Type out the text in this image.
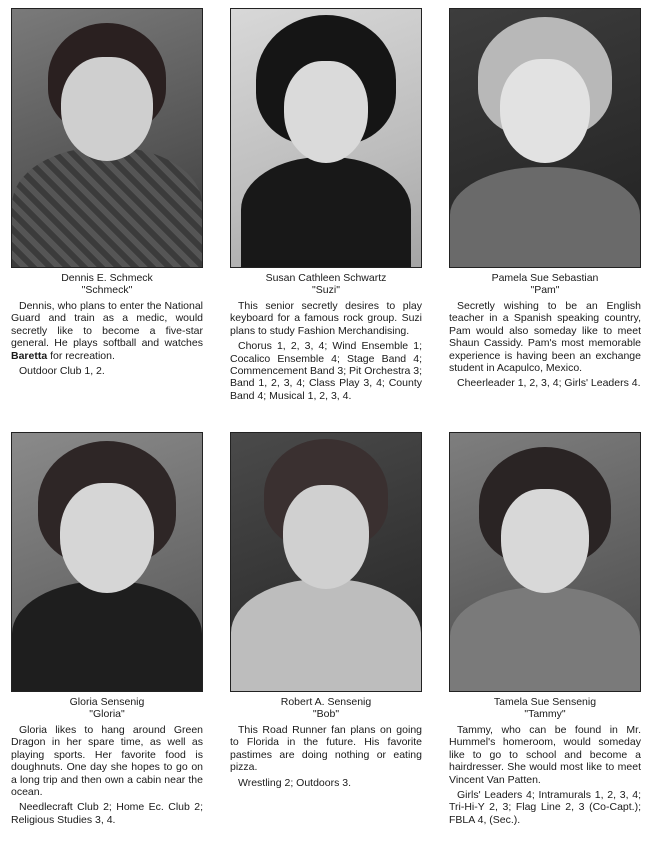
Dennis E. Schmeck
"Schmeck"

Dennis, who plans to enter the National Guard and train as a medic, would secretly like to become a five-star general. He plays softball and watches Baretta for recreation.

Outdoor Club 1, 2.

Susan Cathleen Schwartz
"Suzi"

This senior secretly desires to play keyboard for a famous rock group. Suzi plans to study Fashion Merchandising.

Chorus 1, 2, 3, 4; Wind Ensemble 1; Cocalico Ensemble 4; Stage Band 4; Commencement Band 3; Pit Orchestra 3; Band 1, 2, 3, 4; Class Play 3, 4; County Band 4; Musical 1, 2, 3, 4.

Pamela Sue Sebastian
"Pam"

Secretly wishing to be an English teacher in a Spanish speaking country, Pam would also someday like to meet Shaun Cassidy. Pam's most memorable experience is having been an exchange student in Acapulco, Mexico.

Cheerleader 1, 2, 3, 4; Girls' Leaders 4.

Gloria Sensenig
"Gloria"

Gloria likes to hang around Green Dragon in her spare time, as well as playing sports. Her favorite food is doughnuts. One day she hopes to go on a long trip and then own a cabin near the ocean.

Needlecraft Club 2; Home Ec. Club 2; Religious Studies 3, 4.

Robert A. Sensenig
"Bob"

This Road Runner fan plans on going to Florida in the future. His favorite pastimes are doing nothing or eating pizza.

Wrestling 2; Outdoors 3.

Tamela Sue Sensenig
"Tammy"

Tammy, who can be found in Mr. Hummel's homeroom, would someday like to go to school and become a hairdresser. She would most like to meet Vincent Van Patten.

Girls' Leaders 4; Intramurals 1, 2, 3, 4; Tri-Hi-Y 2, 3; Flag Line 2, 3 (Co-Capt.); FBLA 4, (Sec.).
